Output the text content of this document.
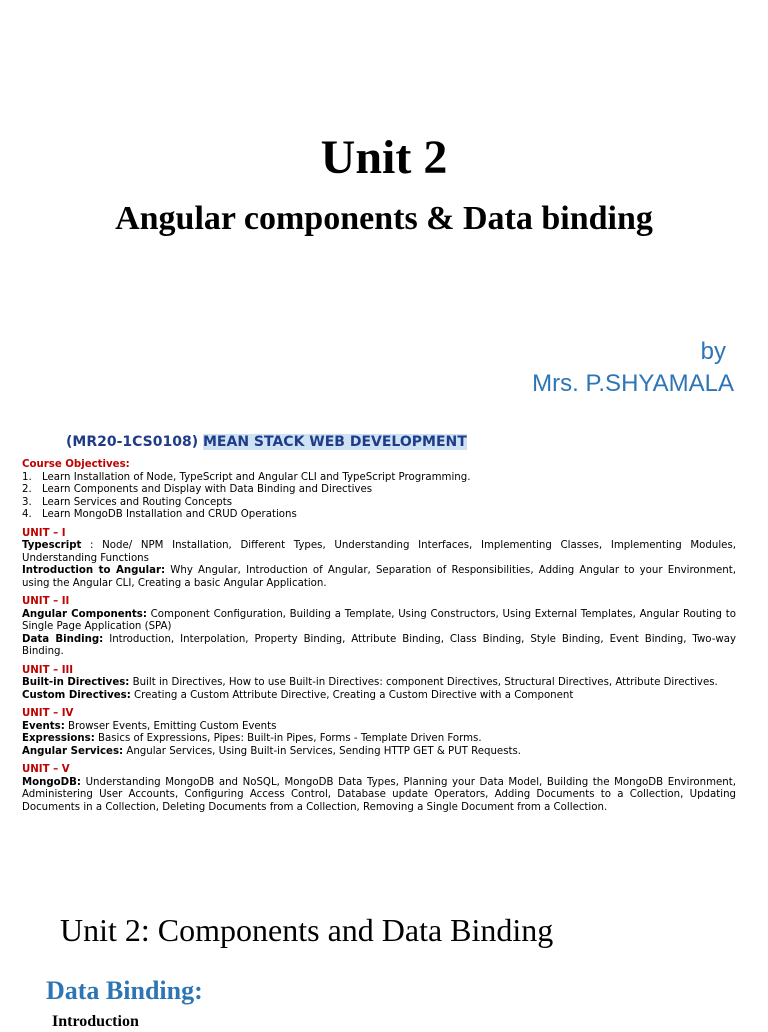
Unit 2
Angular components & Data binding
by
Mrs. P.SHYAMALA
(MR20-1CS0108) MEAN STACK WEB DEVELOPMENT
Course Objectives:
1. Learn Installation of Node, TypeScript and Angular CLI and TypeScript Programming.
2. Learn Components and Display with Data Binding and Directives
3. Learn Services and Routing Concepts
4. Learn MongoDB Installation and CRUD Operations
UNIT – I
Typescript : Node/ NPM Installation, Different Types, Understanding Interfaces, Implementing Classes, Implementing Modules, Understanding Functions
Introduction to Angular: Why Angular, Introduction of Angular, Separation of Responsibilities, Adding Angular to your Environment, using the Angular CLI, Creating a basic Angular Application.
UNIT – II
Angular Components: Component Configuration, Building a Template, Using Constructors, Using External Templates, Angular Routing to Single Page Application (SPA)
Data Binding: Introduction, Interpolation, Property Binding, Attribute Binding, Class Binding, Style Binding, Event Binding, Two-way Binding.
UNIT – III
Built-in Directives: Built in Directives, How to use Built-in Directives: component Directives, Structural Directives, Attribute Directives.
Custom Directives: Creating a Custom Attribute Directive, Creating a Custom Directive with a Component
UNIT – IV
Events: Browser Events, Emitting Custom Events
Expressions: Basics of Expressions, Pipes: Built-in Pipes, Forms - Template Driven Forms.
Angular Services: Angular Services, Using Built-in Services, Sending HTTP GET & PUT Requests.
UNIT – V
MongoDB: Understanding MongoDB and NoSQL, MongoDB Data Types, Planning your Data Model, Building the MongoDB Environment, Administering User Accounts, Configuring Access Control, Database update Operators, Adding Documents to a Collection, Updating Documents in a Collection, Deleting Documents from a Collection, Removing a Single Document from a Collection.
Unit 2: Components and Data Binding
Data Binding:
Introduction
